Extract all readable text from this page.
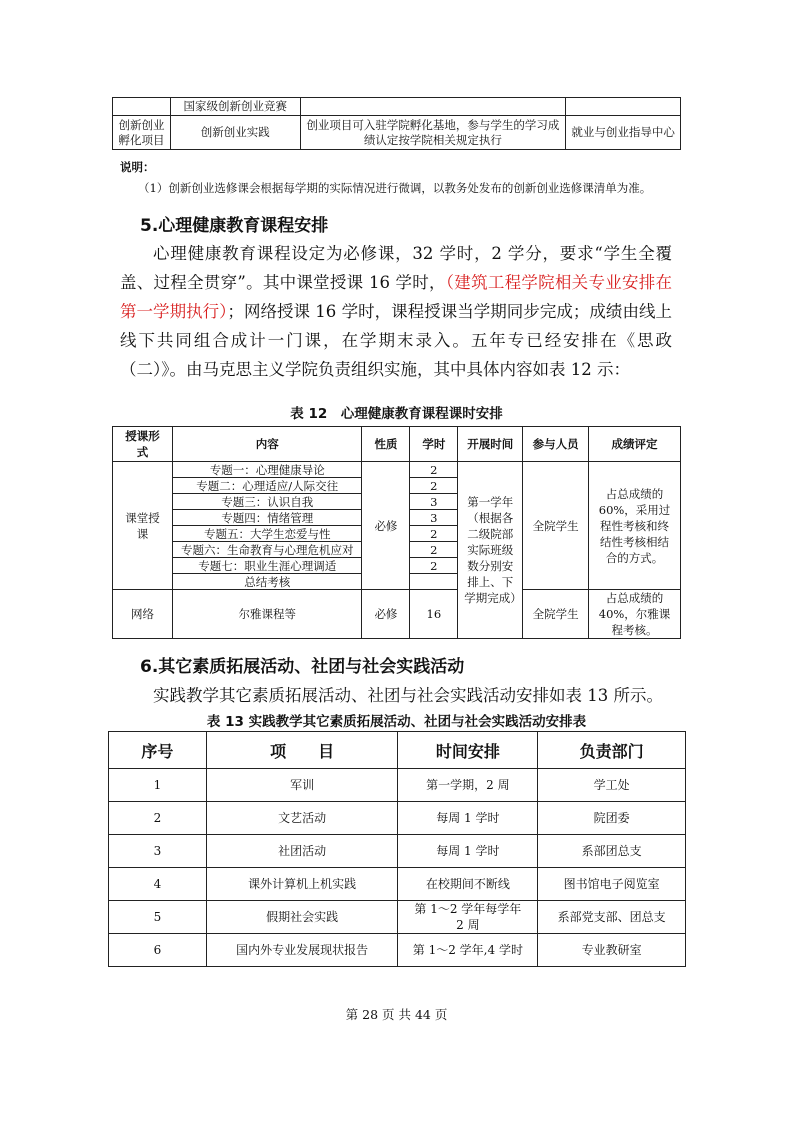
	国家级创新创业竞赛		
创新创业
孵化项目	创新创业实践	创业项目可入驻学院孵化基地，参与学生的学习成
绩认定按学院相关规定执行	就业与创业指导中心
说明：
（1）创新创业选修课会根据每学期的实际情况进行微调，以教务处发布的创新创业选修课清单为准。
5.心理健康教育课程安排
心理健康教育课程设定为必修课，32 学时，2 学分，要求“学生全覆盖、过程全贯穿”。其中课堂授课 16 学时，（建筑工程学院相关专业安排在第一学期执行）；网络授课 16 学时，课程授课当学期同步完成；成绩由线上线下共同组合成计一门课，在学期末录入。五年专已经安排在《思政（二）》。由马克思主义学院负责组织实施，其中具体内容如表 12 示：
表 12　心理健康教育课程课时安排
授课形式	内容	性质	学时	开展时间	参与人员	成绩评定
课堂授课	专题一：心理健康导论	必修	2	第一学年（根据各二级院部实际班级数分别安排上、下学期完成）	全院学生	占总成绩的60%，采用过程性考核和终结性考核相结合的方式。
	专题二：心理适应/人际交往		2			
	专题三：认识自我		3			
	专题四：情绪管理		3			
	专题五：大学生恋爱与性		2			
	专题六：生命教育与心理危机应对		2			
	专题七：职业生涯心理调适		2			
	总结考核					
网络	尔雅课程等	必修	16		全院学生	占总成绩的40%，尔雅课程考核。
6.其它素质拓展活动、社团与社会实践活动
实践教学其它素质拓展活动、社团与社会实践活动安排如表 13 所示。
表 13 实践教学其它素质拓展活动、社团与社会实践活动安排表
序号	项　　目	时间安排	负责部门
1	军训	第一学期，2 周	学工处
2	文艺活动	每周 1 学时	院团委
3	社团活动	每周 1 学时	系部团总支
4	课外计算机上机实践	在校期间不断线	图书馆电子阅览室
5	假期社会实践	第 1～2 学年每学年 2 周	系部党支部、团总支
6	国内外专业发展现状报告	第 1～2 学年,4 学时	专业教研室
第 28 页 共 44 页
